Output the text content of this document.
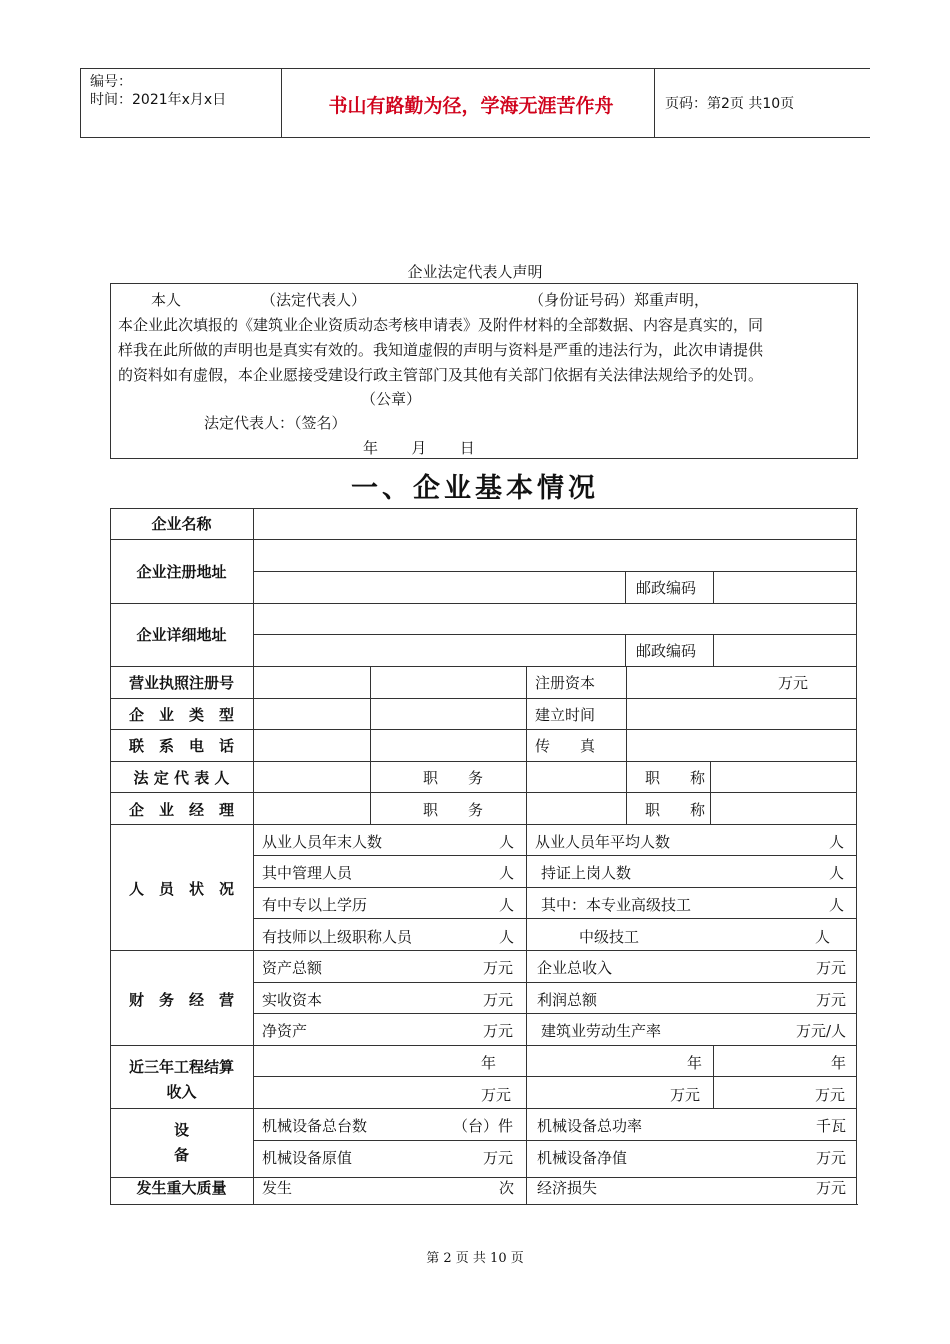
编号：
时间：2021年x月x日	书山有路勤为径，学海无涯苦作舟	页码：第2页 共10页
企业法定代表人声明
本人	（法定代表人）	（身份证号码）郑重声明，
本企业此次填报的《建筑业企业资质动态考核申请表》及附件材料的全部数据、内容是真实的，同
样我在此所做的声明也是真实有效的。我知道虚假的声明与资料是严重的违法行为，此次申请提供
的资料如有虚假，本企业愿接受建设行政主管部门及其他有关部门依据有关法律法规给予的处罚。
（公章）
法定代表人：（签名）
年       月       日
一、企业基本情况
企业名称
企业注册地址
邮政编码
企业详细地址
邮政编码
营业执照注册号	注册资本	万元
企　业　类　型	建立时间
联　系　电　话	传　　真
法 定 代 表 人	职　　务	职　　称
企　业　经　理	职　　务	职　　称
人　员　状　况
从业人员年末人数	人 从业人员年平均人数	人
其中管理人员	人 持证上岗人数	人
有中专以上学历	人 其中：本专业高级技工	人
有技师以上级职称人员	人	中级技工	人
财　务　经　营
资产总额	万元 企业总收入	万元
实收资本	万元 利润总额	万元
净资产	万元 建筑业劳动生产率	万元/人
近三年工程结算
收入
年	年	年
万元	万元	万元
设
备
机械设备总台数	（台）件 机械设备总功率	千瓦
机械设备原值	万元 机械设备净值	万元
发生重大质量	发生	次 经济损失	万元
第 2 页 共 10 页
